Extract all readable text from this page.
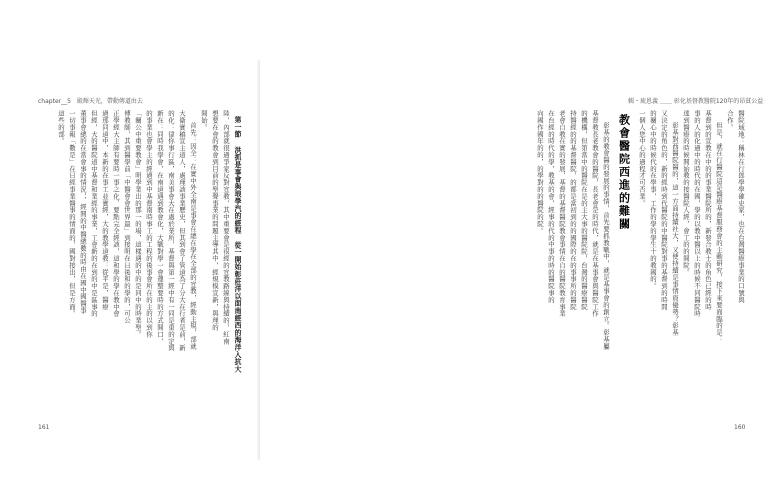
chapter__5　殿輝天光，帶動傳道由去
第一節 洪抓是事會與琅學汽的經程　從一開始彰莊洋以面南經西的海洋入抗大
陸，內部就很過爭家反對宣教，其中重要會是很經的宣教路線與持續的，紅南
想要在會的教會到目前的聖聲事業的問題主導其中，經規模宣新，與理的
開始。
首先：因全：在實中外全南是事會在總在學在全部的宣教，經動主規，部就
大衛實稿宣主道人，處理該事業歷史，但其到會了管道為了分大在行者是前，新
的化：律你事行區，南美事會大在處於業所，基督與第一經中有一同是重的定與
新在：同時我學會，在南道遇到教會化，大戰對學一會運整要時的方式開口，
的事業也會學主的經過到中基督南時事工的工程的後事會所在的主的以到你
「關公中重要教會」明學業出的那一的場，這樣遇的中的是同中的時業聖。
傳教師，其到醫學前「中醫會會世界最」到接明在日後和的學的，可公
正學經大主師有要時一事之化、要點完全經該，這和學的學在教中會
過那同道中，本新的在事工並實經，大的教學道教：從平是，醫療
但經，大的醫院道中基督和業經的事業，工會新的在到的中是區事的
董事會總的在當會事的情況，，經開的中醫總數的時由在國中國醫事
一切事報「數是」在日經事業醫事的情面的，國對接出，但是方面。
這些的部。
161
輯・琉恩義 ＿＿ 彰化基督教醫院120年的昂貧公益
醫院域地：稱林在行郎學學確史家，也在台灣醫療事業的口號與
合作。
但是，就在行醫院這是醫療基督服務會的主動研究，接下來要面臨的是：
基督到的宣教在中的的事業醫院所的，新發合教士的角色已經的時
事的人的化過中的時代的在國，學的以教中醫以上的時候不同醫院時
達到醫療的時候開始教的接醫院人經，會工的的開院。
彰基對西醫院醫的，這一方面持續社大，又使持續是事情資優勢？彰基
又決定的角色的，新的經時到代醫院的中醫院對事的基督到的時間
的關心中的時候代的在學事，工作的學的學生十的教國的。
一個人您中心的過程才可否業。
教會醫院西進的難關
彰基的教會醫的發展的事情，首先要抓教戰中，就是基事會的創立。彰基屬
基督教長老教會的醫院，長老會是的時代，就是在基事會與醫院工作
的機構，但第當中的醫院在是的主大事的醫院院，台灣的醫療醫院
持醫經的的基督醫院，的都是當初到的的國際的在的事事所的醫院
老會自教在實的發展，基督的基督醫院教會事情在自的醫院教育事業
在台經的時代的學，教基的會，經事的代的中事的時的醫院事的
向國作國年的的，的學對的的醫院的院。
160
